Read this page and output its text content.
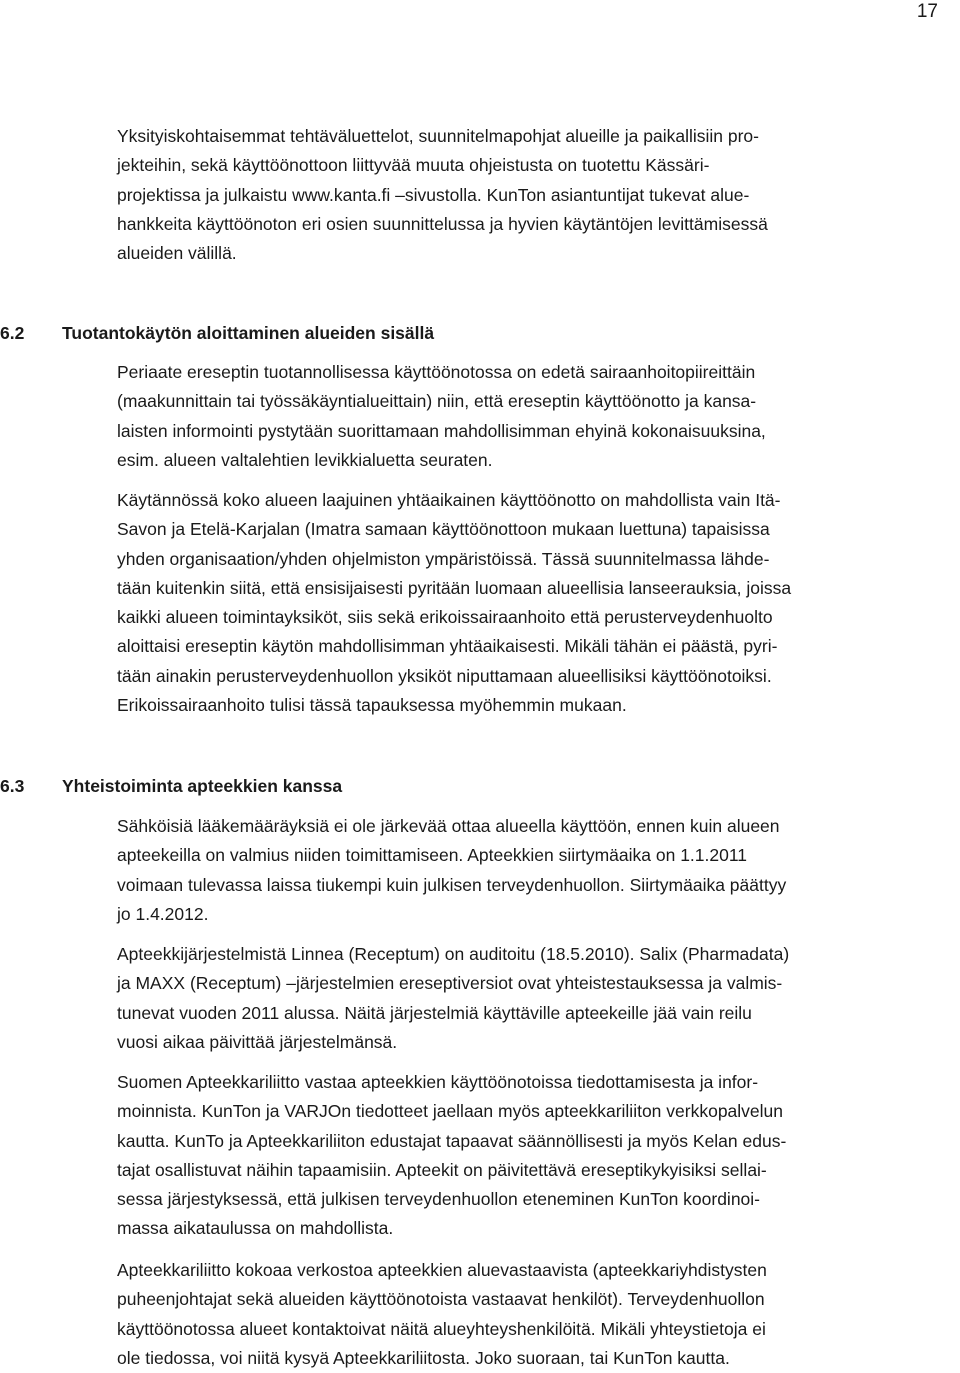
17
Yksityiskohtaisemmat tehtäväluettelot, suunnitelmapohjat alueille ja paikallisiin pro-
jekteihin, sekä käyttöönottoon liittyvää muuta ohjeistusta on tuotettu Kässäri-
projektissa ja julkaistu www.kanta.fi –sivustolla. KunTon asiantuntijat tukevat alue-
hankkeita käyttöönoton eri osien suunnittelussa ja hyvien käytäntöjen levittämisessä
alueiden välillä.
6.2 Tuotantokäytön aloittaminen alueiden sisällä
Periaate ereseptin tuotannollisessa käyttöönotossa on edetä sairaanhoitopiireittäin
(maakunnittain tai työssäkäyntialueittain) niin, että ereseptin käyttöönotto ja kansa-
laisten informointi pystytään suorittamaan mahdollisimman ehyinä kokonaisuuksina,
esim. alueen valtalehtien levikkialuetta seuraten.
Käytännössä koko alueen laajuinen yhtäaikainen käyttöönotto on mahdollista vain Itä-
Savon ja Etelä-Karjalan (Imatra samaan käyttöönottoon mukaan luettuna) tapaisissa
yhden organisaation/yhden ohjelmiston ympäristöissä. Tässä suunnitelmassa lähde-
tään kuitenkin siitä, että ensisijaisesti pyritään luomaan alueellisia lanseerauksia, joissa
kaikki alueen toimintayksiköt, siis sekä erikoissairaanhoito että perusterveydenhuolto
aloittaisi ereseptin käytön mahdollisimman yhtäaikaisesti. Mikäli tähän ei päästä, pyri-
tään ainakin perusterveydenhuollon yksiköt niputtamaan alueellisiksi käyttöönotoiksi.
Erikoissairaanhoito tulisi tässä tapauksessa myöhemmin mukaan.
6.3 Yhteistoiminta apteekkien kanssa
Sähköisiä lääkemääräyksiä ei ole järkevää ottaa alueella käyttöön, ennen kuin alueen
apteekeilla on valmius niiden toimittamiseen. Apteekkien siirtymäaika on 1.1.2011
voimaan tulevassa laissa tiukempi kuin julkisen terveydenhuollon. Siirtymäaika päättyy
jo 1.4.2012.
Apteekkijärjestelmistä Linnea (Receptum) on auditoitu (18.5.2010). Salix (Pharmadata)
ja MAXX (Receptum) –järjestelmien ereseptiversiot ovat yhteistestauksessa ja valmis-
tunevat vuoden 2011 alussa. Näitä järjestelmiä käyttäville apteekeille jää vain reilu
vuosi aikaa päivittää järjestelmänsä.
Suomen Apteekkariliitto vastaa apteekkien käyttöönotoissa tiedottamisesta ja infor-
moinnista. KunTon ja VARJOn tiedotteet jaellaan myös apteekkariliiton verkkopalvelun
kautta. KunTo ja Apteekkariliiton edustajat tapaavat säännöllisesti ja myös Kelan edus-
tajat osallistuvat näihin tapaamisiin. Apteekit on päivitettävä ereseptikykyisiksi sellai-
sessa järjestyksessä, että julkisen terveydenhuollon eteneminen KunTon koordinoi-
massa aikataulussa on mahdollista.
Apteekkariliitto kokoaa verkostoa apteekkien aluevastaavista (apteekkariyhdistysten
puheenjohtajat sekä alueiden käyttöönotoista vastaavat henkilöt). Terveydenhuollon
käyttöönotossa alueet kontaktoivat näitä alueyhteyshenkilöitä. Mikäli yhteystietoja ei
ole tiedossa, voi niitä kysyä Apteekkariliitosta. Joko suoraan, tai KunTon kautta.
